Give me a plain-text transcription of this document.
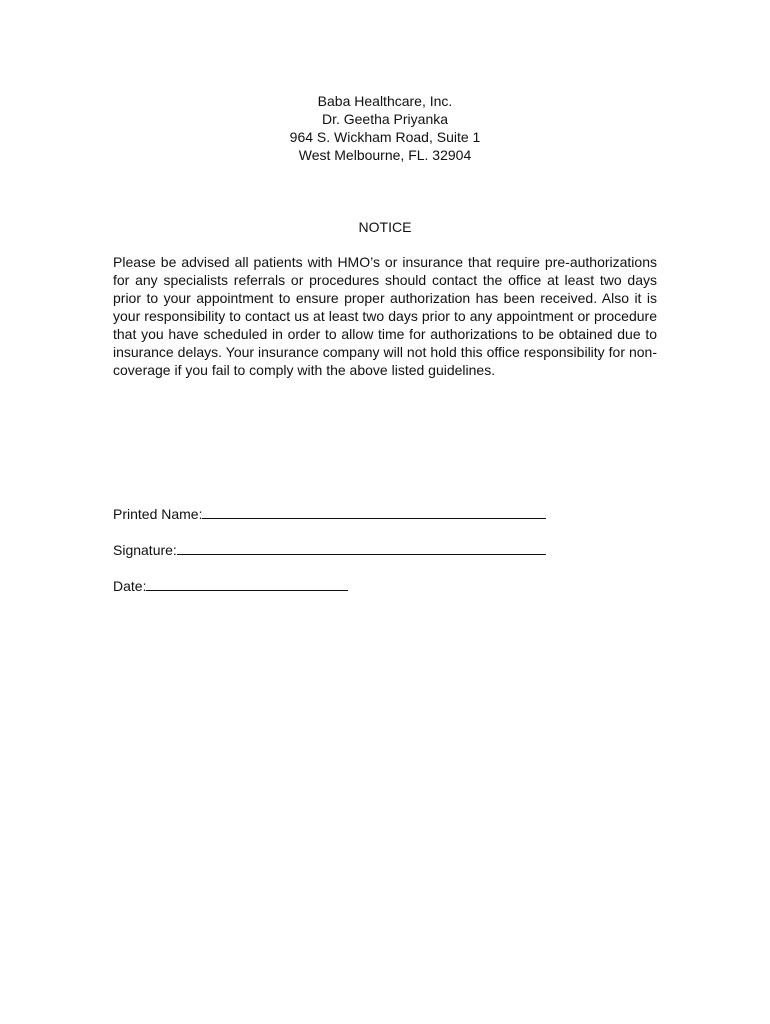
Baba Healthcare, Inc.
Dr. Geetha Priyanka
964 S. Wickham Road, Suite 1
West Melbourne, FL. 32904
NOTICE
Please be advised all patients with HMO’s or insurance that require pre-authorizations for any specialists referrals or procedures should contact the office at least two days prior to your appointment to ensure proper authorization has been received. Also it is your responsibility to contact us at least two days prior to any appointment or procedure that you have scheduled in order to allow time for authorizations to be obtained due to insurance delays. Your insurance company will not hold this office responsibility for non-coverage if you fail to comply with the above listed guidelines.
Printed Name:
Signature:
Date:
